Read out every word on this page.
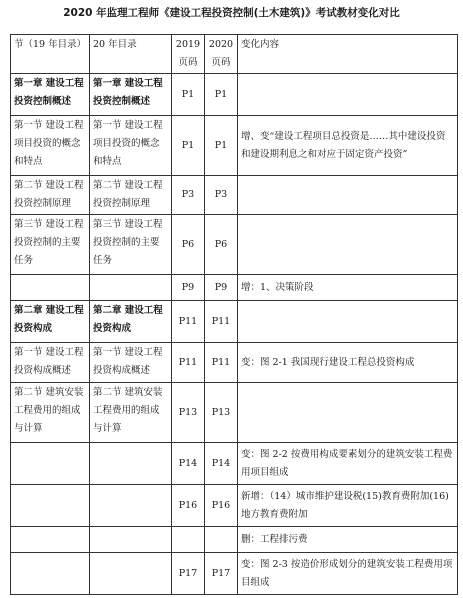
2020 年监理工程师《建设工程投资控制(土木建筑)》考试教材变化对比
节（19 年目录）	20 年目录	2019 页码	2020 页码	变化内容
第一章 建设工程投资控制概述	第一章 建设工程投资控制概述	P1	P1	
第一节 建设工程项目投资的概念和特点	第一节 建设工程项目投资的概念和特点	P1	P1	增、变“建设工程项目总投资是……其中建设投资和建设期利息之和对应于固定资产投资”
第二节 建设工程投资控制原理	第二节 建设工程投资控制原理	P3	P3	
第三节 建设工程投资控制的主要任务	第三节 建设工程投资控制的主要任务	P6	P6	
		P9	P9	增：1、决策阶段
第二章 建设工程投资构成	第二章 建设工程投资构成	P11	P11	
第一节 建设工程投资构成概述	第一节 建设工程投资构成概述	P11	P11	变：图 2-1 我国现行建设工程总投资构成
第二节 建筑安装工程费用的组成与计算	第二节 建筑安装工程费用的组成与计算	P13	P13	
		P14	P14	变：图 2-2 按费用构成要素划分的建筑安装工程费用项目组成
		P16	P16	新增：（14）城市维护建设税(15)教育费附加(16)地方教育费附加
				删：工程排污费
		P17	P17	变：图 2-3 按造价形成划分的建筑安装工程费用项目组成
